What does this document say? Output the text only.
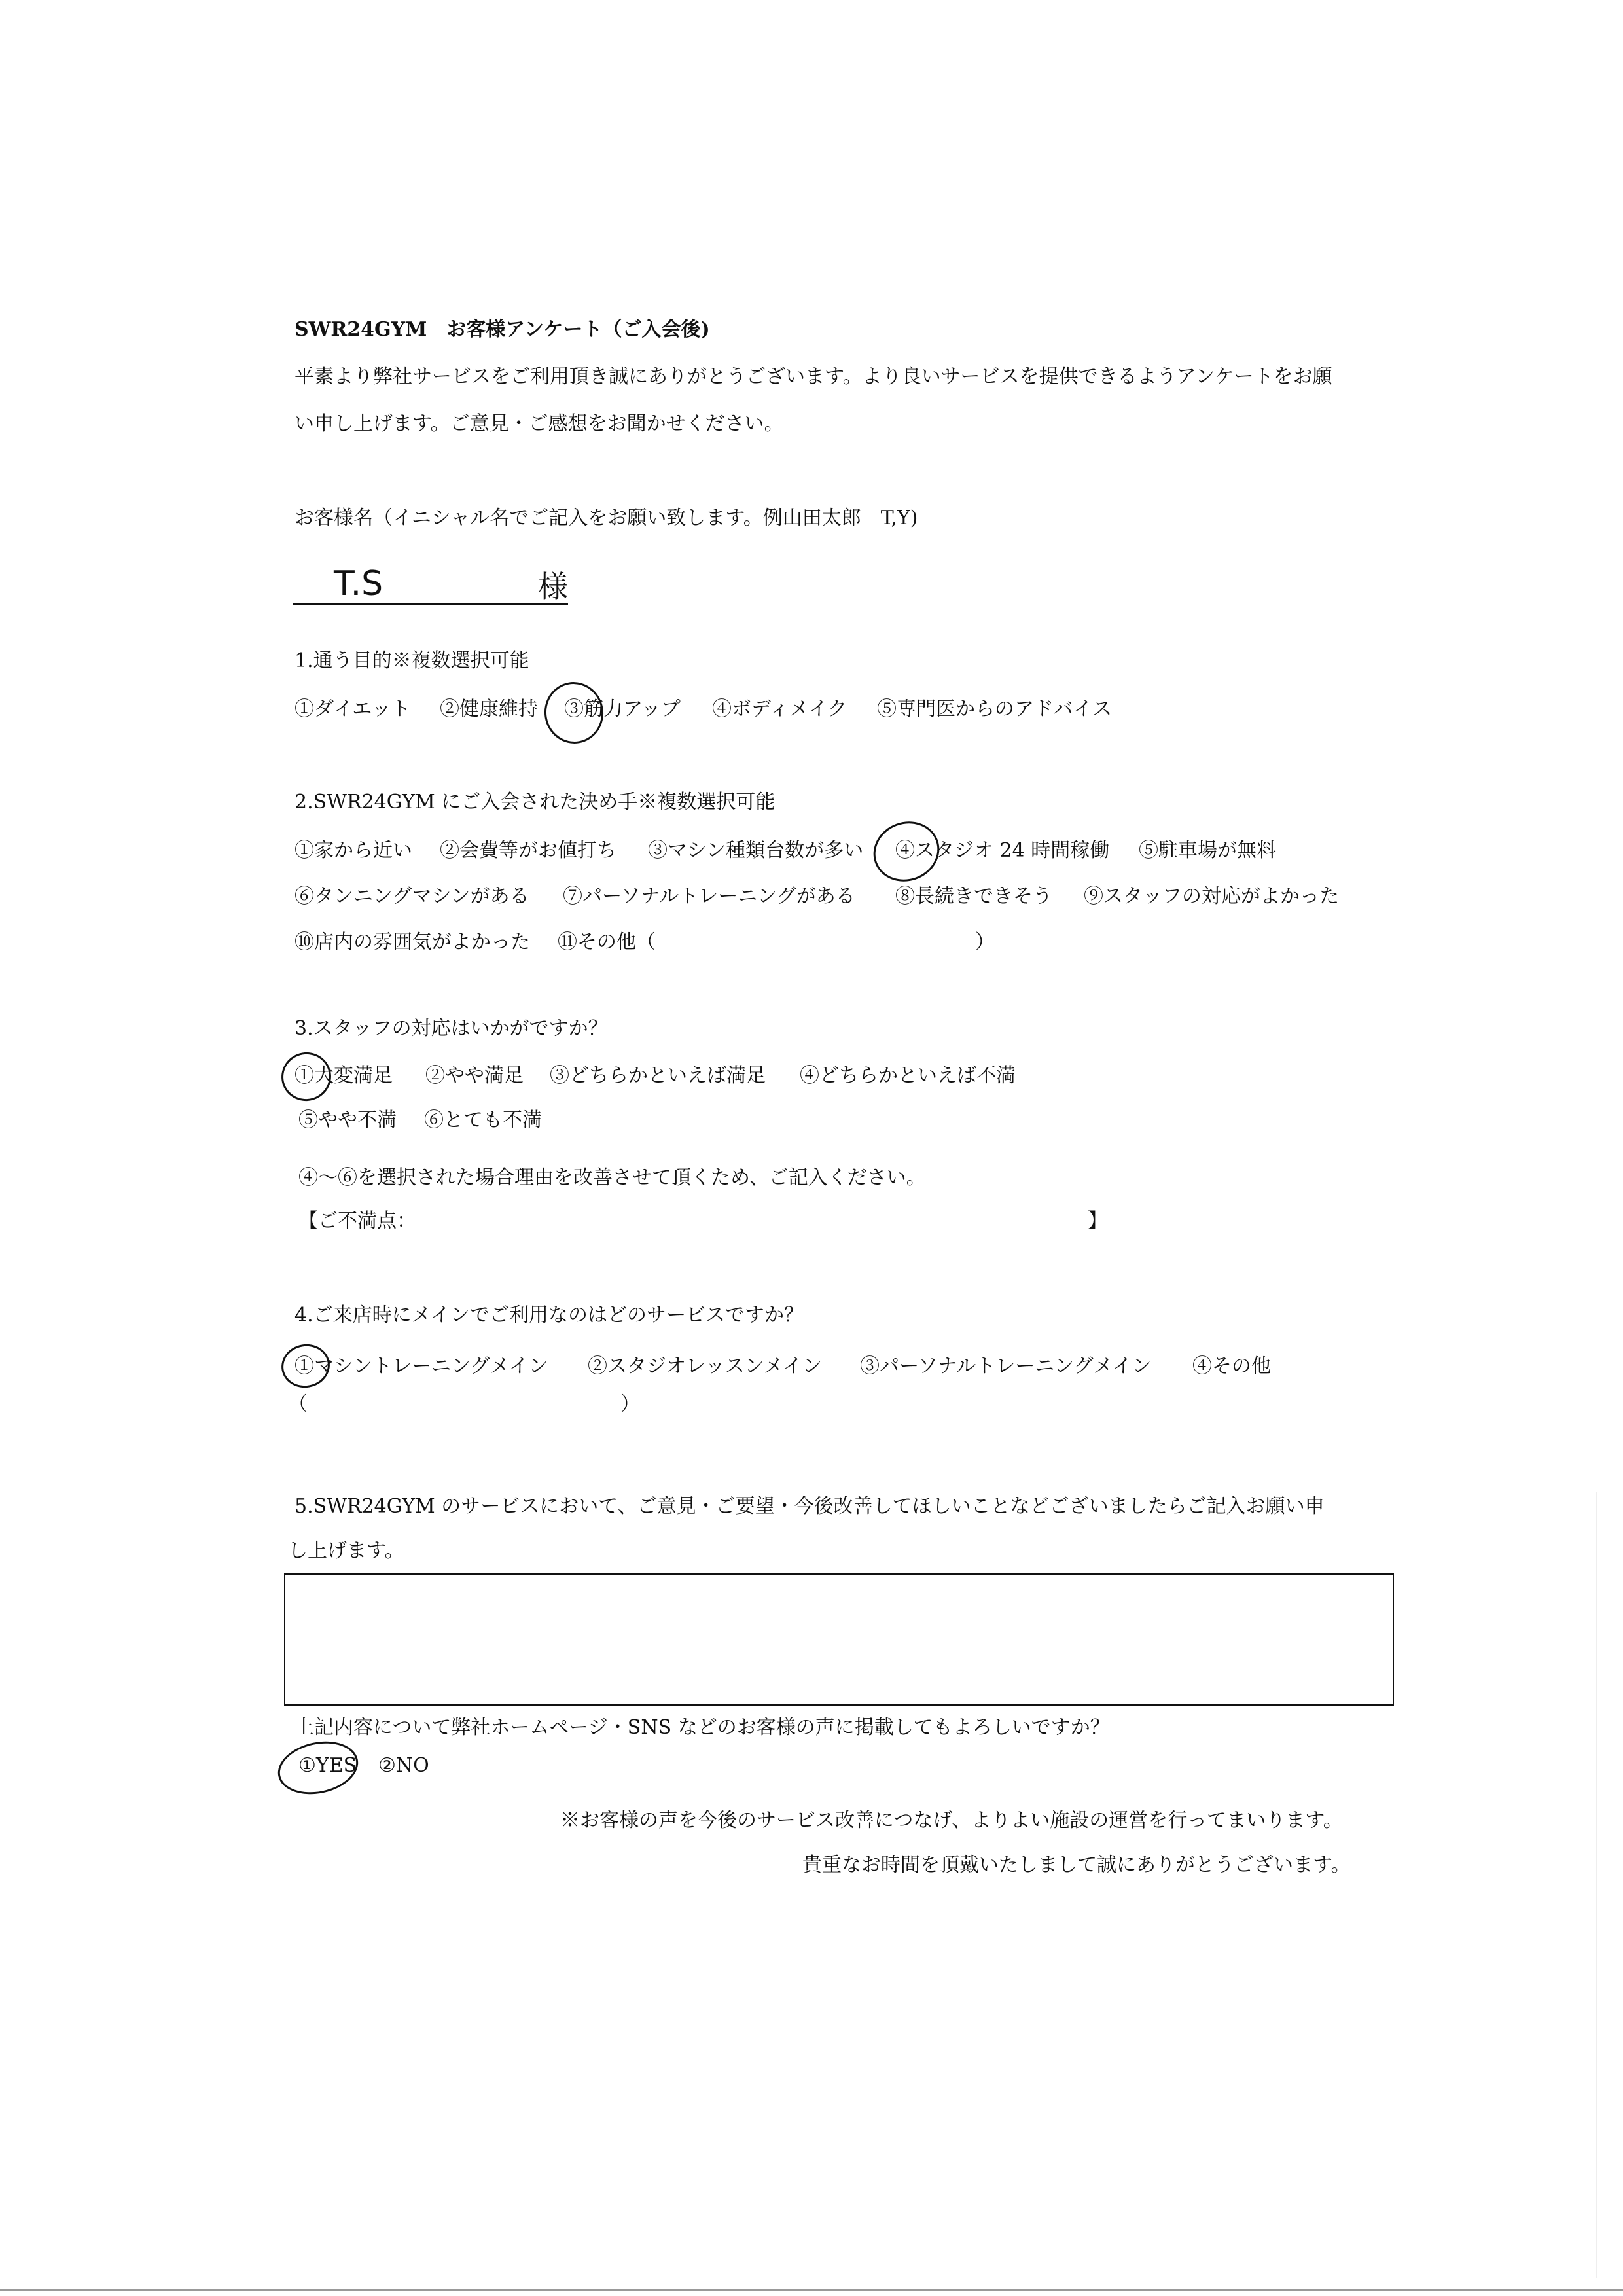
SWR24GYM　お客様アンケート（ご入会後)
平素より弊社サービスをご利用頂き誠にありがとうございます。より良いサービスを提供できるようアンケートをお願
い申し上げます。ご意見・ご感想をお聞かせください。
お客様名（イニシャル名でご記入をお願い致します。例山田太郎　T,Y)
T.S	様
1.通う目的※複数選択可能
①ダイエット ②健康維持 ③筋力アップ ④ボディメイク ⑤専門医からのアドバイス
2.SWR24GYM にご入会された決め手※複数選択可能
①家から近い ②会費等がお値打ち ③マシン種類台数が多い ④スタジオ 24 時間稼働 ⑤駐車場が無料
⑥タンニングマシンがある ⑦パーソナルトレーニングがある ⑧長続きできそう ⑨スタッフの対応がよかった
⑩店内の雰囲気がよかった ⑪その他（	）
3.スタッフの対応はいかがですか？
①大変満足 ②やや満足 ③どちらかといえば満足 ④どちらかといえば不満
⑤やや不満 ⑥とても不満
④～⑥を選択された場合理由を改善させて頂くため、ご記入ください。
【ご不満点：	】
4.ご来店時にメインでご利用なのはどのサービスですか？
①マシントレーニングメイン ②スタジオレッスンメイン ③パーソナルトレーニングメイン ④その他
（	）
5.SWR24GYM のサービスにおいて、ご意見・ご要望・今後改善してほしいことなどございましたらご記入お願い申
し上げます。
上記内容について弊社ホームページ・SNS などのお客様の声に掲載してもよろしいですか？
①YES ②NO
※お客様の声を今後のサービス改善につなげ、よりよい施設の運営を行ってまいります。
貴重なお時間を頂戴いたしまして誠にありがとうございます。
